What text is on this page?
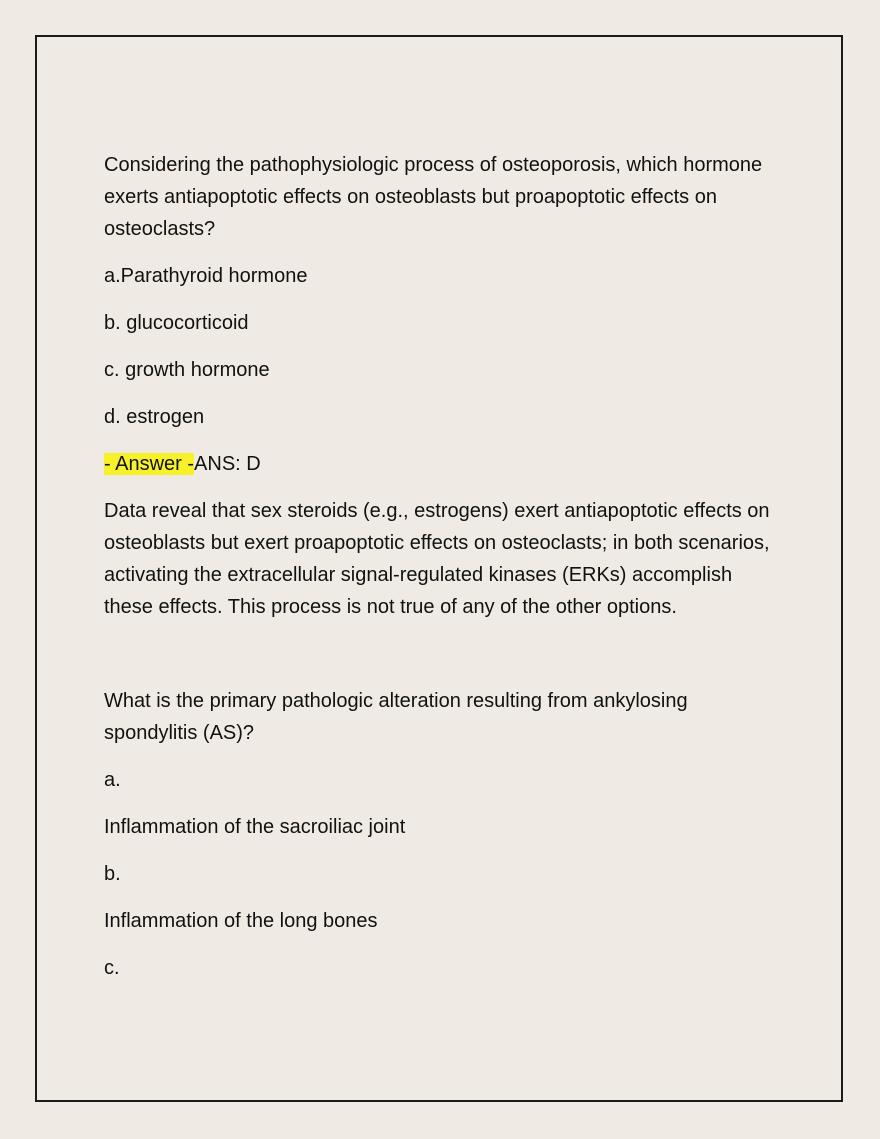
Considering the pathophysiologic process of osteoporosis, which hormone exerts antiapoptotic effects on osteoblasts but proapoptotic effects on osteoclasts?

a.Parathyroid hormone

b. glucocorticoid

c. growth hormone

d. estrogen

- Answer -ANS: D

Data reveal that sex steroids (e.g., estrogens) exert antiapoptotic effects on osteoblasts but exert proapoptotic effects on osteoclasts; in both scenarios, activating the extracellular signal-regulated kinases (ERKs) accomplish these effects. This process is not true of any of the other options.

What is the primary pathologic alteration resulting from ankylosing spondylitis (AS)?

a.

Inflammation of the sacroiliac joint

b.

Inflammation of the long bones

c.
